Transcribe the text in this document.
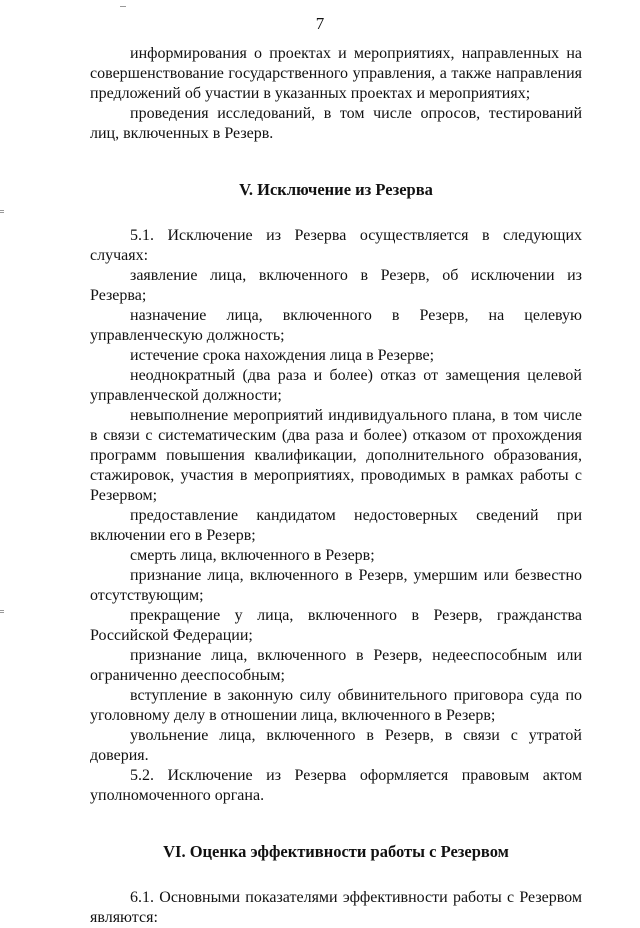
7

информирования о проектах и мероприятиях, направленных на совершенствование государственного управления, а также направления предложений об участии в указанных проектах и мероприятиях;

проведения исследований, в том числе опросов, тестирований лиц, включенных в Резерв.

V. Исключение из Резерва

5.1. Исключение из Резерва осуществляется в следующих случаях:

заявление лица, включенного в Резерв, об исключении из Резерва;

назначение лица, включенного в Резерв, на целевую управленческую должность;

истечение срока нахождения лица в Резерве;

неоднократный (два раза и более) отказ от замещения целевой управленческой должности;

невыполнение мероприятий индивидуального плана, в том числе в связи с систематическим (два раза и более) отказом от прохождения программ повышения квалификации, дополнительного образования, стажировок, участия в мероприятиях, проводимых в рамках работы с Резервом;

предоставление кандидатом недостоверных сведений при включении его в Резерв;

смерть лица, включенного в Резерв;

признание лица, включенного в Резерв, умершим или безвестно отсутствующим;

прекращение у лица, включенного в Резерв, гражданства Российской Федерации;

признание лица, включенного в Резерв, недееспособным или ограниченно дееспособным;

вступление в законную силу обвинительного приговора суда по уголовному делу в отношении лица, включенного в Резерв;

увольнение лица, включенного в Резерв, в связи с утратой доверия.

5.2. Исключение из Резерва оформляется правовым актом уполномоченного органа.

VI. Оценка эффективности работы с Резервом

6.1. Основными показателями эффективности работы с Резервом являются:
